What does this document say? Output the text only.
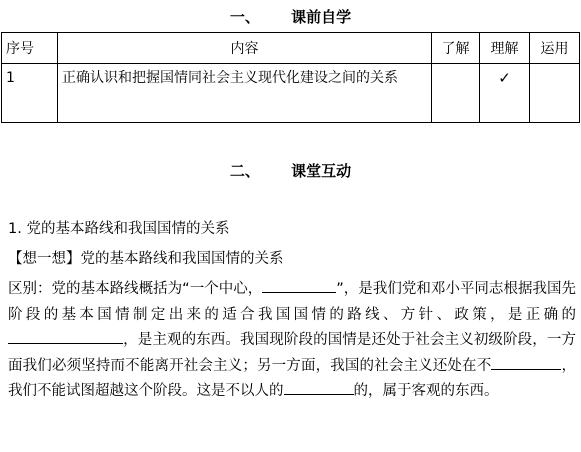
一、 课前自学
序号	内容	了解	理解	运用
1	正确认识和把握国情同社会主义现代化建设之间的关系		✓	
二、 课堂互动
1. 党的基本路线和我国国情的关系
【想一想】党的基本路线和我国国情的关系
区别：党的基本路线概括为“一个中心，	”，是我们党和邓小平同志根据我国先阶段的基本国情制定出来的适合我国国情的路线、方针、政策，是正确的，是主观的东西。我国现阶段的国情是还处于社会主义初级阶段，一方面我们必须坚持而不能离开社会主义；另一方面，我国的社会主义还处在不	，我们不能试图超越这个阶段。这是不以人的	的，属于客观的东西。
